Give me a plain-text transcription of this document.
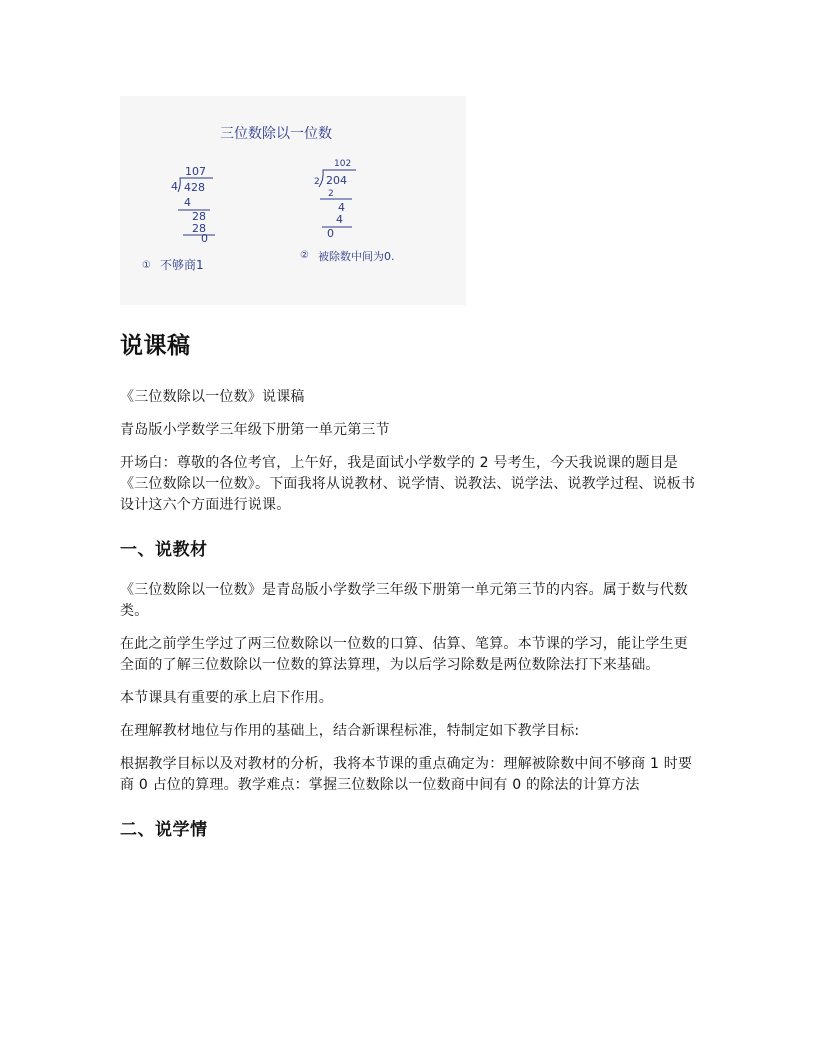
三位数除以一位数
107
4 428
4
28
28
0
102
2 204
2
4
4
0
① 不够商1
② 被除数中间为0.
说课稿

《三位数除以一位数》说课稿

青岛版小学数学三年级下册第一单元第三节

开场白：尊敬的各位考官，上午好，我是面试小学数学的 2 号考生，今天我说课的题目是《三位数除以一位数》。下面我将从说教材、说学情、说教法、说学法、说教学过程、说板书设计这六个方面进行说课。

一、说教材

《三位数除以一位数》是青岛版小学数学三年级下册第一单元第三节的内容。属于数与代数类。

在此之前学生学过了两三位数除以一位数的口算、估算、笔算。本节课的学习，能让学生更全面的了解三位数除以一位数的算法算理，为以后学习除数是两位数除法打下来基础。

本节课具有重要的承上启下作用。

在理解教材地位与作用的基础上，结合新课程标准，特制定如下教学目标:

根据教学目标以及对教材的分析，我将本节课的重点确定为：理解被除数中间不够商 1 时要商 0 占位的算理。教学难点：掌握三位数除以一位数商中间有 0 的除法的计算方法

二、说学情
